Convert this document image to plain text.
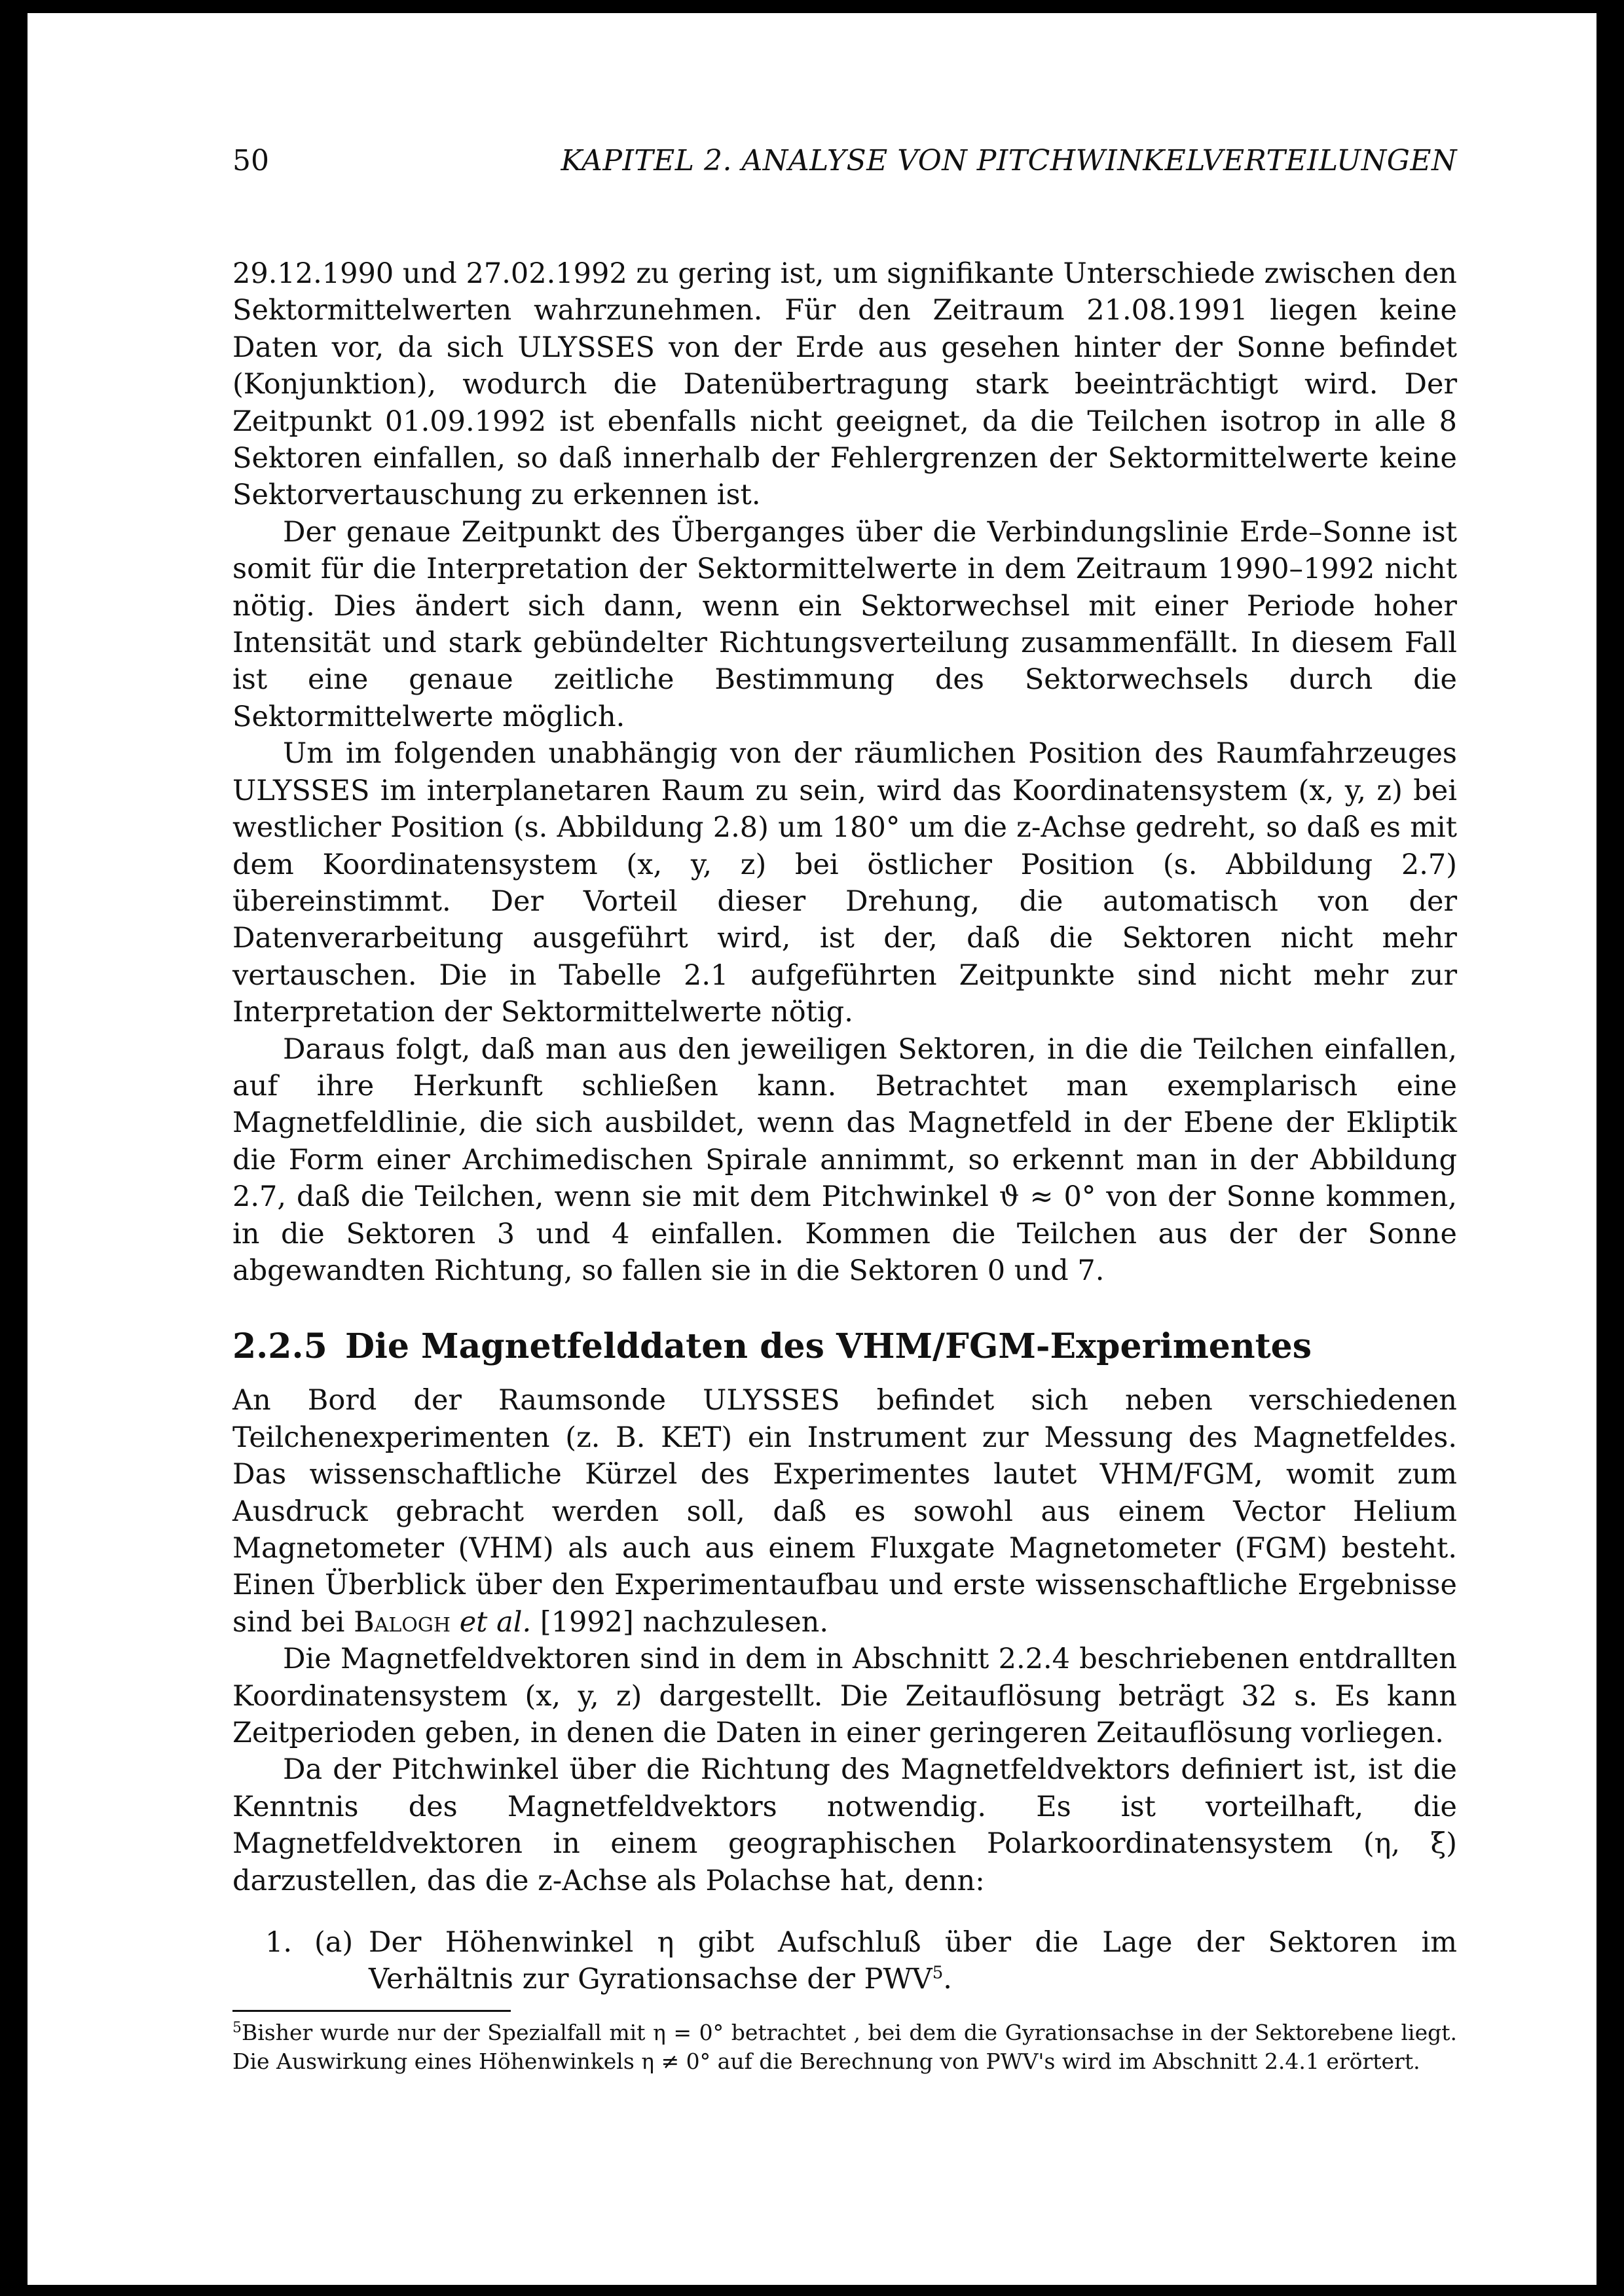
50	KAPITEL 2. ANALYSE VON PITCHWINKELVERTEILUNGEN

29.12.1990 und 27.02.1992 zu gering ist, um signifikante Unterschiede zwischen den Sektormittelwerten wahrzunehmen. Für den Zeitraum 21.08.1991 liegen keine Daten vor, da sich ULYSSES von der Erde aus gesehen hinter der Sonne befindet (Konjunktion), wodurch die Datenübertragung stark beeinträchtigt wird. Der Zeitpunkt 01.09.1992 ist ebenfalls nicht geeignet, da die Teilchen isotrop in alle 8 Sektoren einfallen, so daß innerhalb der Fehlergrenzen der Sektormittelwerte keine Sektorvertauschung zu erkennen ist.

Der genaue Zeitpunkt des Überganges über die Verbindungslinie Erde–Sonne ist somit für die Interpretation der Sektormittelwerte in dem Zeitraum 1990–1992 nicht nötig. Dies ändert sich dann, wenn ein Sektorwechsel mit einer Periode hoher Intensität und stark gebündelter Richtungsverteilung zusammenfällt. In diesem Fall ist eine genaue zeitliche Bestimmung des Sektorwechsels durch die Sektormittelwerte möglich.

Um im folgenden unabhängig von der räumlichen Position des Raumfahrzeuges ULYSSES im interplanetaren Raum zu sein, wird das Koordinatensystem (x, y, z) bei westlicher Position (s. Abbildung 2.8) um 180° um die z-Achse gedreht, so daß es mit dem Koordinatensystem (x, y, z) bei östlicher Position (s. Abbildung 2.7) übereinstimmt. Der Vorteil dieser Drehung, die automatisch von der Datenverarbeitung ausgeführt wird, ist der, daß die Sektoren nicht mehr vertauschen. Die in Tabelle 2.1 aufgeführten Zeitpunkte sind nicht mehr zur Interpretation der Sektormittelwerte nötig.

Daraus folgt, daß man aus den jeweiligen Sektoren, in die die Teilchen einfallen, auf ihre Herkunft schließen kann. Betrachtet man exemplarisch eine Magnetfeldlinie, die sich ausbildet, wenn das Magnetfeld in der Ebene der Ekliptik die Form einer Archimedischen Spirale annimmt, so erkennt man in der Abbildung 2.7, daß die Teilchen, wenn sie mit dem Pitchwinkel ϑ ≈ 0° von der Sonne kommen, in die Sektoren 3 und 4 einfallen. Kommen die Teilchen aus der der Sonne abgewandten Richtung, so fallen sie in die Sektoren 0 und 7.

2.2.5 Die Magnetfelddaten des VHM/FGM-Experimentes

An Bord der Raumsonde ULYSSES befindet sich neben verschiedenen Teilchenexperimenten (z. B. KET) ein Instrument zur Messung des Magnetfeldes. Das wissenschaftliche Kürzel des Experimentes lautet VHM/FGM, womit zum Ausdruck gebracht werden soll, daß es sowohl aus einem Vector Helium Magnetometer (VHM) als auch aus einem Fluxgate Magnetometer (FGM) besteht. Einen Überblick über den Experimentaufbau und erste wissenschaftliche Ergebnisse sind bei Balogh et al. [1992] nachzulesen.

Die Magnetfeldvektoren sind in dem in Abschnitt 2.2.4 beschriebenen entdrallten Koordinatensystem (x, y, z) dargestellt. Die Zeitauflösung beträgt 32 s. Es kann Zeitperioden geben, in denen die Daten in einer geringeren Zeitauflösung vorliegen.

Da der Pitchwinkel über die Richtung des Magnetfeldvektors definiert ist, ist die Kenntnis des Magnetfeldvektors notwendig. Es ist vorteilhaft, die Magnetfeldvektoren in einem geographischen Polarkoordinatensystem (η, ξ) darzustellen, das die z-Achse als Polachse hat, denn:

1. (a) Der Höhenwinkel η gibt Aufschluß über die Lage der Sektoren im Verhältnis zur Gyrationsachse der PWV$^5$.
$^5$Bisher wurde nur der Spezialfall mit η = 0° betrachtet , bei dem die Gyrationsachse in der Sektorebene liegt. Die Auswirkung eines Höhenwinkels η ≠ 0° auf die Berechnung von PWV's wird im Abschnitt 2.4.1 erörtert.
